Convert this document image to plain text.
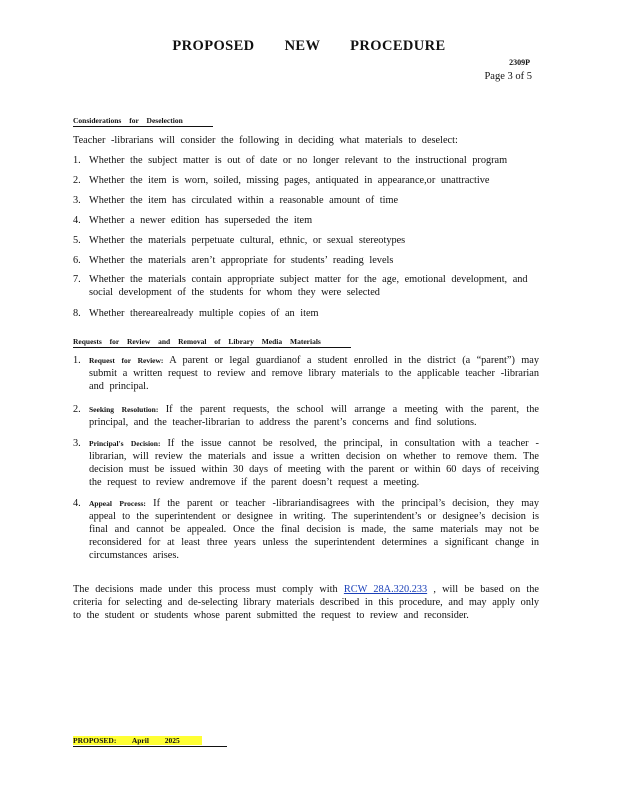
PROPOSED NEW PROCEDURE
2309P
Page 3 of 5
Considerations for Deselection
Teacher -librarians will consider the following in deciding what materials to deselect:
1. Whether the subject matter is out of date or no longer relevant to the instructional program
2. Whether the item is worn, soiled, missing pages, antiquated in appearance,or unattractive
3. Whether the item has circulated within a reasonable amount of time
4. Whether a newer edition has superseded the item
5. Whether the materials perpetuate cultural, ethnic, or sexual stereotypes
6. Whether the materials aren’t appropriate for students’ reading levels
7. Whether the materials contain appropriate subject matter for the age, emotional development, and social development of the students for whom they were selected
8. Whether therearealready multiple copies of an item
Requests for Review and Removal of Library Media Materials
1.	Request for Review: A parent or legal guardianof a student enrolled in the district (a “parent”) may submit a written request to review and remove library materials to the applicable teacher -librarian and principal.
2.	Seeking Resolution: If the parent requests, the school will arrange a meeting with the parent, the principal, and the teacher-librarian to address the parent’s concerns and find solutions.
3.	Principal's Decision: If the issue cannot be resolved, the principal, in consultation with a teacher -librarian, will review the materials and issue a written decision on whether to remove them. The decision must be issued within 30 days of meeting with the parent or within 60 days of receiving the request to review andremove if the parent doesn’t request a meeting.
4.	Appeal Process: If the parent or teacher -librariandisagrees with the principal’s decision, they may appeal to the superintendent or designee in writing. The superintendent’s or designee’s decision is final and cannot be appealed. Once the final decision is made, the same materials may not be reconsidered for at least three years unless the superintendent determines a significant change in circumstances arises.
The decisions made under this process must comply with RCW 28A.320.233 , will be based on the criteria for selecting and de-selecting library materials described in this procedure, and may apply only to the student or students whose parent submitted the request to review and reconsider.
PROPOSED: April 2025
